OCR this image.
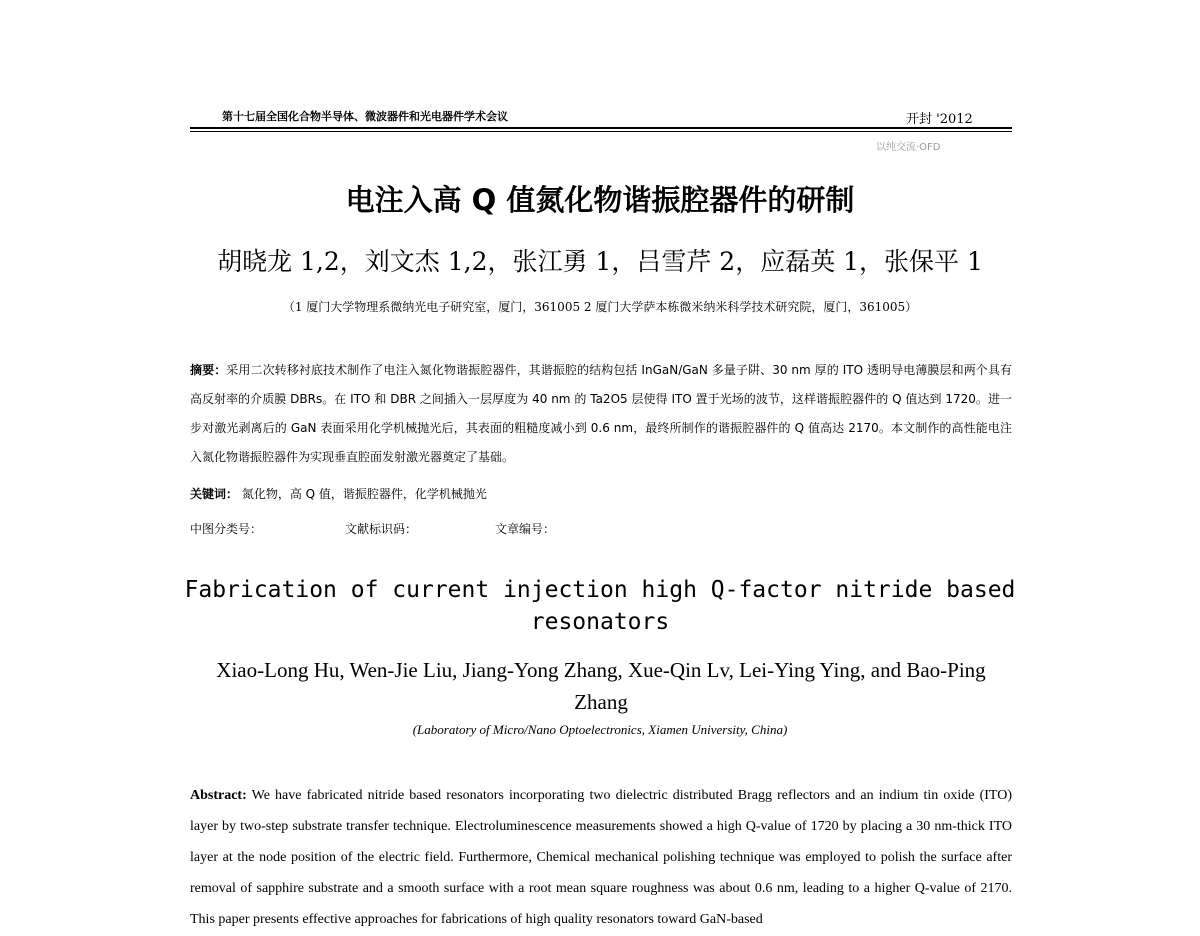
第十七届全国化合物半导体、微波器件和光电器件学术会议	开封 '2012
以纯交流·OFD
电注入高 Q 值氮化物谐振腔器件的研制
胡晓龙 1,2，刘文杰 1,2，张江勇 1，吕雪芹 2，应磊英 1，张保平 1
（1 厦门大学物理系微纳光电子研究室，厦门，361005 2 厦门大学萨本栋微米纳米科学技术研究院，厦门，361005）
摘要：采用二次转移衬底技术制作了电注入氮化物谐振腔器件，其谐振腔的结构包括 InGaN/GaN 多量子阱、30 nm 厚的 ITO 透明导电薄膜层和两个具有高反射率的介质膜 DBRs。在 ITO 和 DBR 之间插入一层厚度为 40 nm 的 Ta2O5 层使得 ITO 置于光场的波节，这样谐振腔器件的 Q 值达到 1720。进一步对激光剥离后的 GaN 表面采用化学机械抛光后，其表面的粗糙度减小到 0.6 nm，最终所制作的谐振腔器件的 Q 值高达 2170。本文制作的高性能电注入氮化物谐振腔器件为实现垂直腔面发射激光器奠定了基础。
关键词： 氮化物，高 Q 值，谐振腔器件，化学机械抛光
中图分类号：	文献标识码：	文章编号：
Fabrication of current injection high Q-factor nitride based resonators
Xiao-Long Hu, Wen-Jie Liu, Jiang-Yong Zhang, Xue-Qin Lv, Lei-Ying Ying, and Bao-Ping Zhang
(Laboratory of Micro/Nano Optoelectronics, Xiamen University, China)
Abstract: We have fabricated nitride based resonators incorporating two dielectric distributed Bragg reflectors and an indium tin oxide (ITO) layer by two-step substrate transfer technique. Electroluminescence measurements showed a high Q-value of 1720 by placing a 30 nm-thick ITO layer at the node position of the electric field. Furthermore, Chemical mechanical polishing technique was employed to polish the surface after removal of sapphire substrate and a smooth surface with a root mean square roughness was about 0.6 nm, leading to a higher Q-value of 2170. This paper presents effective approaches for fabrications of high quality resonators toward GaN-based
